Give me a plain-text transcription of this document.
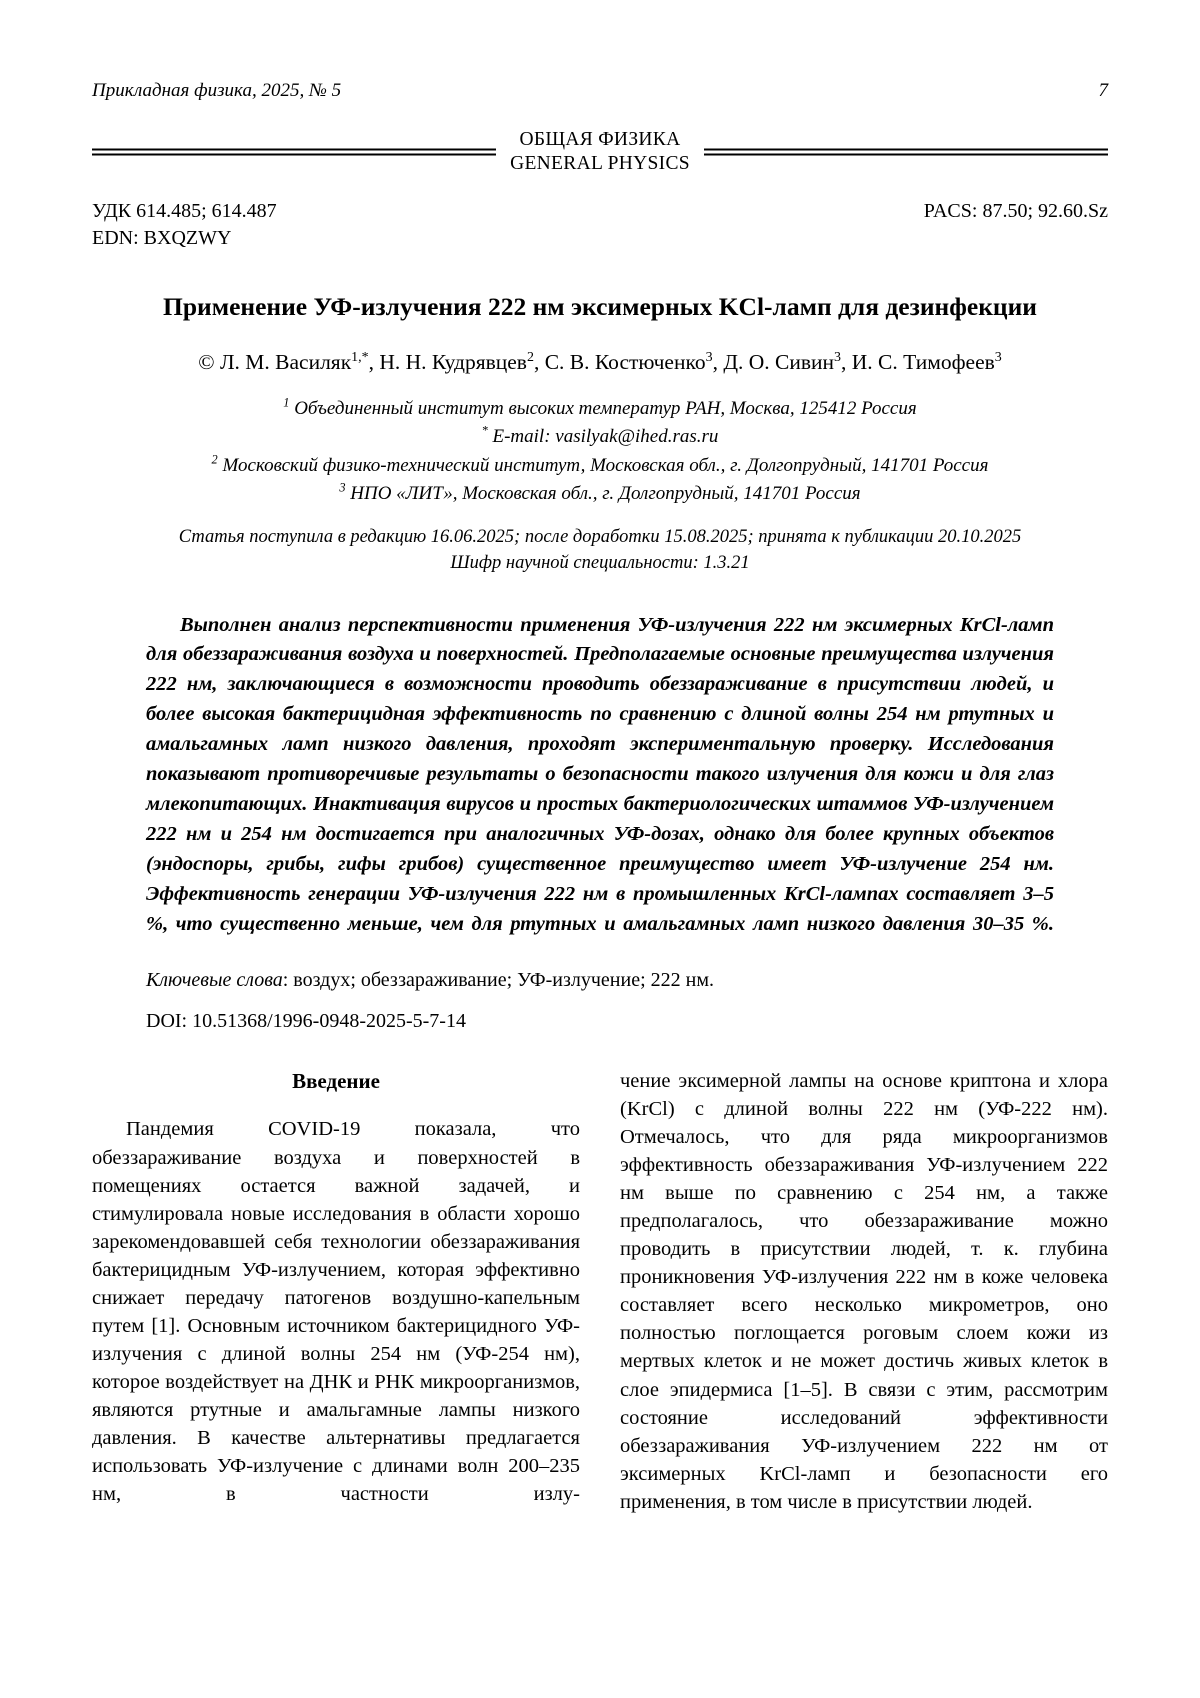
Прикладная физика, 2025, № 5	7
ОБЩАЯ ФИЗИКА
GENERAL PHYSICS
УДК 614.485; 614.487
EDN: BXQZWY
PACS: 87.50; 92.60.Sz
Применение УФ-излучения 222 нм эксимерных KCl-ламп для дезинфекции
© Л. М. Василяк$^{1,*}$, Н. Н. Кудрявцев$^2$, С. В. Костюченко$^3$, Д. О. Сивин$^3$, И. С. Тимофеев$^3$
$^1$ Объединенный институт высоких температур РАН, Москва, 125412 Россия
* E-mail: vasilyak@ihed.ras.ru
$^2$ Московский физико-технический институт, Московская обл., г. Долгопрудный, 141701 Россия
$^3$ НПО «ЛИТ», Московская обл., г. Долгопрудный, 141701 Россия
Статья поступила в редакцию 16.06.2025; после доработки 15.08.2025; принята к публикации 20.10.2025
Шифр научной специальности: 1.3.21
Выполнен анализ перспективности применения УФ-излучения 222 нм эксимерных KrCl-ламп для обеззараживания воздуха и поверхностей. Предполагаемые основные преимущества излучения 222 нм, заключающиеся в возможности проводить обеззараживание в присутствии людей, и более высокая бактерицидная эффективность по сравнению с длиной волны 254 нм ртутных и амальгамных ламп низкого давления, проходят экспериментальную проверку. Исследования показывают противоречивые результаты о безопасности такого излучения для кожи и для глаз млекопитающих. Инактивация вирусов и простых бактериологических штаммов УФ-излучением 222 нм и 254 нм достигается при аналогичных УФ-дозах, однако для более крупных объектов (эндоспоры, грибы, гифы грибов) существенное преимущество имеет УФ-излучение 254 нм. Эффективность генерации УФ-излучения 222 нм в промышленных KrCl-лампах составляет 3–5 %, что существенно меньше, чем для ртутных и амальгамных ламп низкого давления 30–35 %.
Ключевые слова: воздух; обеззараживание; УФ-излучение; 222 нм.
DOI: 10.51368/1996-0948-2025-5-7-14
Введение

Пандемия COVID-19 показала, что обеззараживание воздуха и поверхностей в помещениях остается важной задачей, и стимулировала новые исследования в области хорошо зарекомендовавшей себя технологии обеззараживания бактерицидным УФ-излучением, которая эффективно снижает передачу патогенов воздушно-капельным путем [1]. Основным источником бактерицидного УФ-излучения с длиной волны 254 нм (УФ-254 нм), которое воздействует на ДНК и РНК микроорганизмов, являются ртутные и амальгамные лампы низкого давления. В качестве альтернативы предлагается использовать УФ-излучение с длинами волн 200–235 нм, в частности излу-

чение эксимерной лампы на основе криптона и хлора (KrCl) с длиной волны 222 нм (УФ-222 нм). Отмечалось, что для ряда микроорганизмов эффективность обеззараживания УФ-излучением 222 нм выше по сравнению с 254 нм, а также предполагалось, что обеззараживание можно проводить в присутствии людей, т. к. глубина проникновения УФ-излучения 222 нм в коже человека составляет всего несколько микрометров, оно полностью поглощается роговым слоем кожи из мертвых клеток и не может достичь живых клеток в слое эпидермиса [1–5]. В связи с этим, рассмотрим состояние исследований эффективности обеззараживания УФ-излучением 222 нм от эксимерных KrCl-ламп и безопасности его применения, в том числе в присутствии людей.
